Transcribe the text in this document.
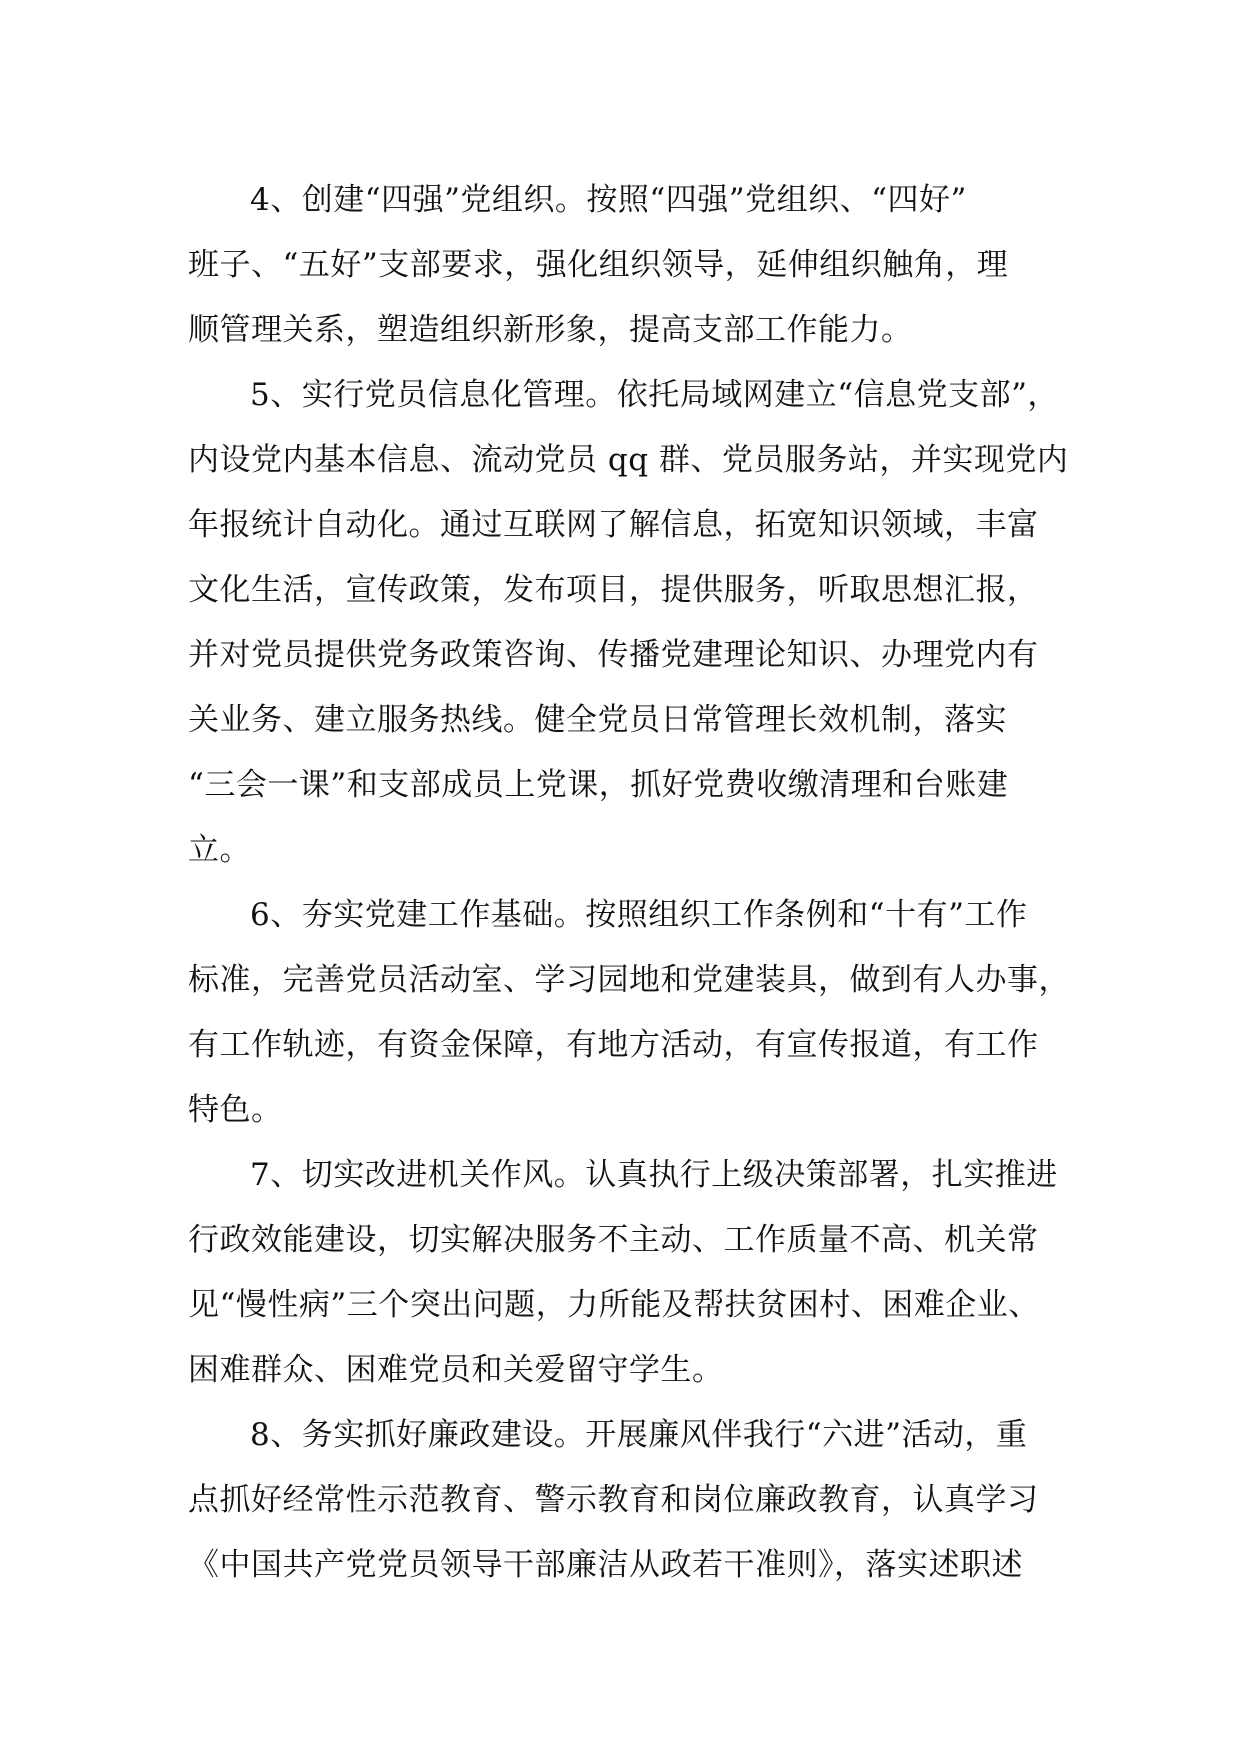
4、创建“四强”党组织。按照“四强”党组织、“四好”
班子、“五好”支部要求，强化组织领导，延伸组织触角，理
顺管理关系，塑造组织新形象，提高支部工作能力。
5、实行党员信息化管理。依托局域网建立“信息党支部”，
内设党内基本信息、流动党员 qq 群、党员服务站，并实现党内
年报统计自动化。通过互联网了解信息，拓宽知识领域，丰富
文化生活，宣传政策，发布项目，提供服务，听取思想汇报，
并对党员提供党务政策咨询、传播党建理论知识、办理党内有
关业务、建立服务热线。健全党员日常管理长效机制，落实
“三会一课”和支部成员上党课，抓好党费收缴清理和台账建
立。
6、夯实党建工作基础。按照组织工作条例和“十有”工作
标准，完善党员活动室、学习园地和党建装具，做到有人办事，
有工作轨迹，有资金保障，有地方活动，有宣传报道，有工作
特色。
7、切实改进机关作风。认真执行上级决策部署，扎实推进
行政效能建设，切实解决服务不主动、工作质量不高、机关常
见“慢性病”三个突出问题，力所能及帮扶贫困村、困难企业、
困难群众、困难党员和关爱留守学生。
8、务实抓好廉政建设。开展廉风伴我行“六进”活动，重
点抓好经常性示范教育、警示教育和岗位廉政教育，认真学习
《中国共产党党员领导干部廉洁从政若干准则》，落实述职述
